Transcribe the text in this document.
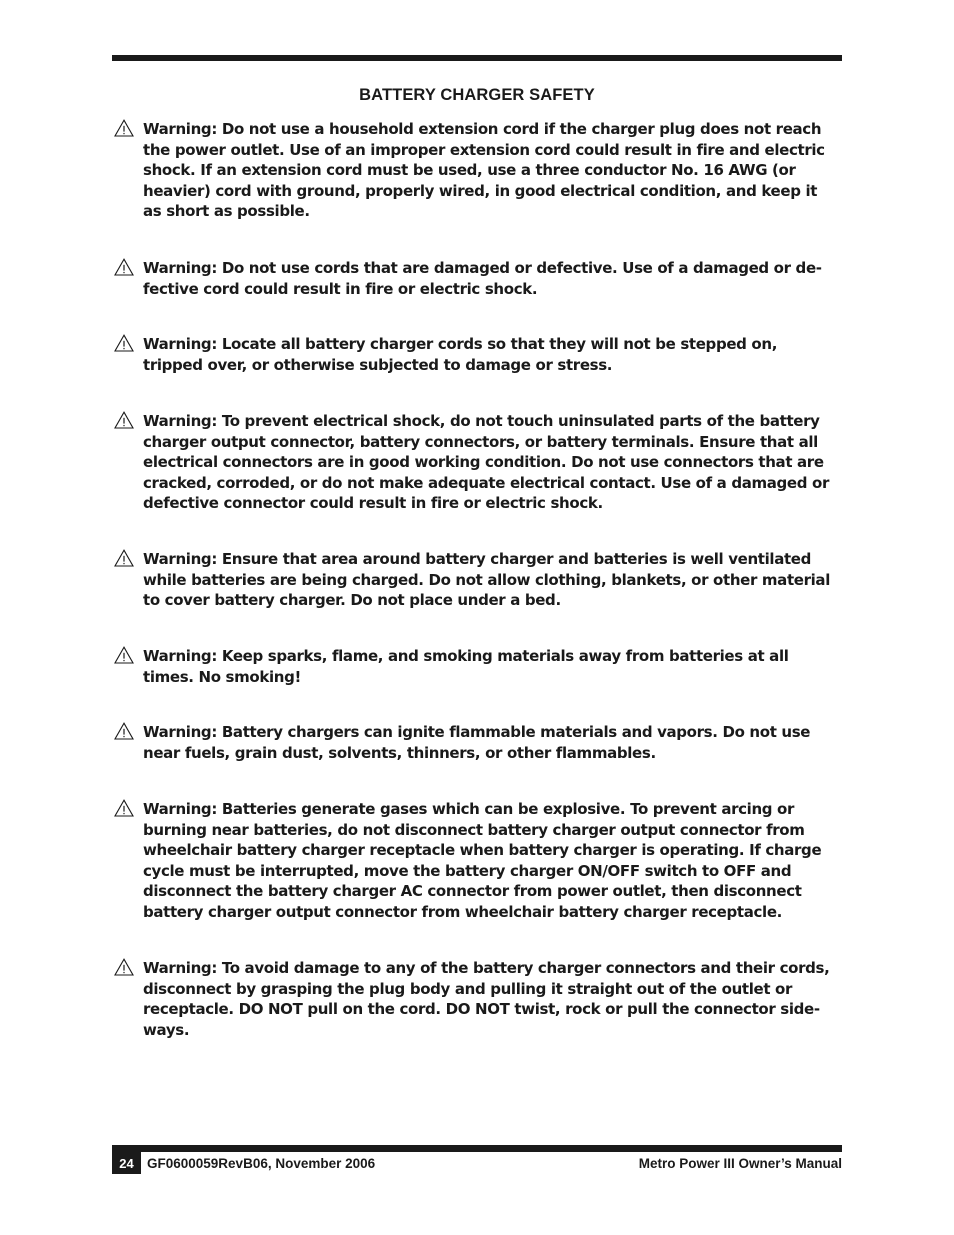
BATTERY CHARGER SAFETY

Warning: Do not use a household extension cord if the charger plug does not reach
the power outlet. Use of an improper extension cord could result in fire and electric
shock. If an extension cord must be used, use a three conductor No. 16 AWG (or
heavier) cord with ground, properly wired, in good electrical condition, and keep it
as short as possible.

Warning: Do not use cords that are damaged or defective. Use of a damaged or de-
fective cord could result in fire or electric shock.

Warning: Locate all battery charger cords so that they will not be stepped on,
tripped over, or otherwise subjected to damage or stress.

Warning: To prevent electrical shock, do not touch uninsulated parts of the battery
charger output connector, battery connectors, or battery terminals. Ensure that all
electrical connectors are in good working condition. Do not use connectors that are
cracked, corroded, or do not make adequate electrical contact. Use of a damaged or
defective connector could result in fire or electric shock.

Warning: Ensure that area around battery charger and batteries is well ventilated
while batteries are being charged. Do not allow clothing, blankets, or other material
to cover battery charger. Do not place under a bed.

Warning: Keep sparks, flame, and smoking materials away from batteries at all
times. No smoking!

Warning: Battery chargers can ignite flammable materials and vapors. Do not use
near fuels, grain dust, solvents, thinners, or other flammables.

Warning: Batteries generate gases which can be explosive. To prevent arcing or
burning near batteries, do not disconnect battery charger output connector from
wheelchair battery charger receptacle when battery charger is operating. If charge
cycle must be interrupted, move the battery charger ON/OFF switch to OFF and
disconnect the battery charger AC connector from power outlet, then disconnect
battery charger output connector from wheelchair battery charger receptacle.

Warning: To avoid damage to any of the battery charger connectors and their cords,
disconnect by grasping the plug body and pulling it straight out of the outlet or
receptacle. DO NOT pull on the cord. DO NOT twist, rock or pull the connector side-
ways.

24 GF0600059RevB06, November 2006	Metro Power III Owner’s Manual
